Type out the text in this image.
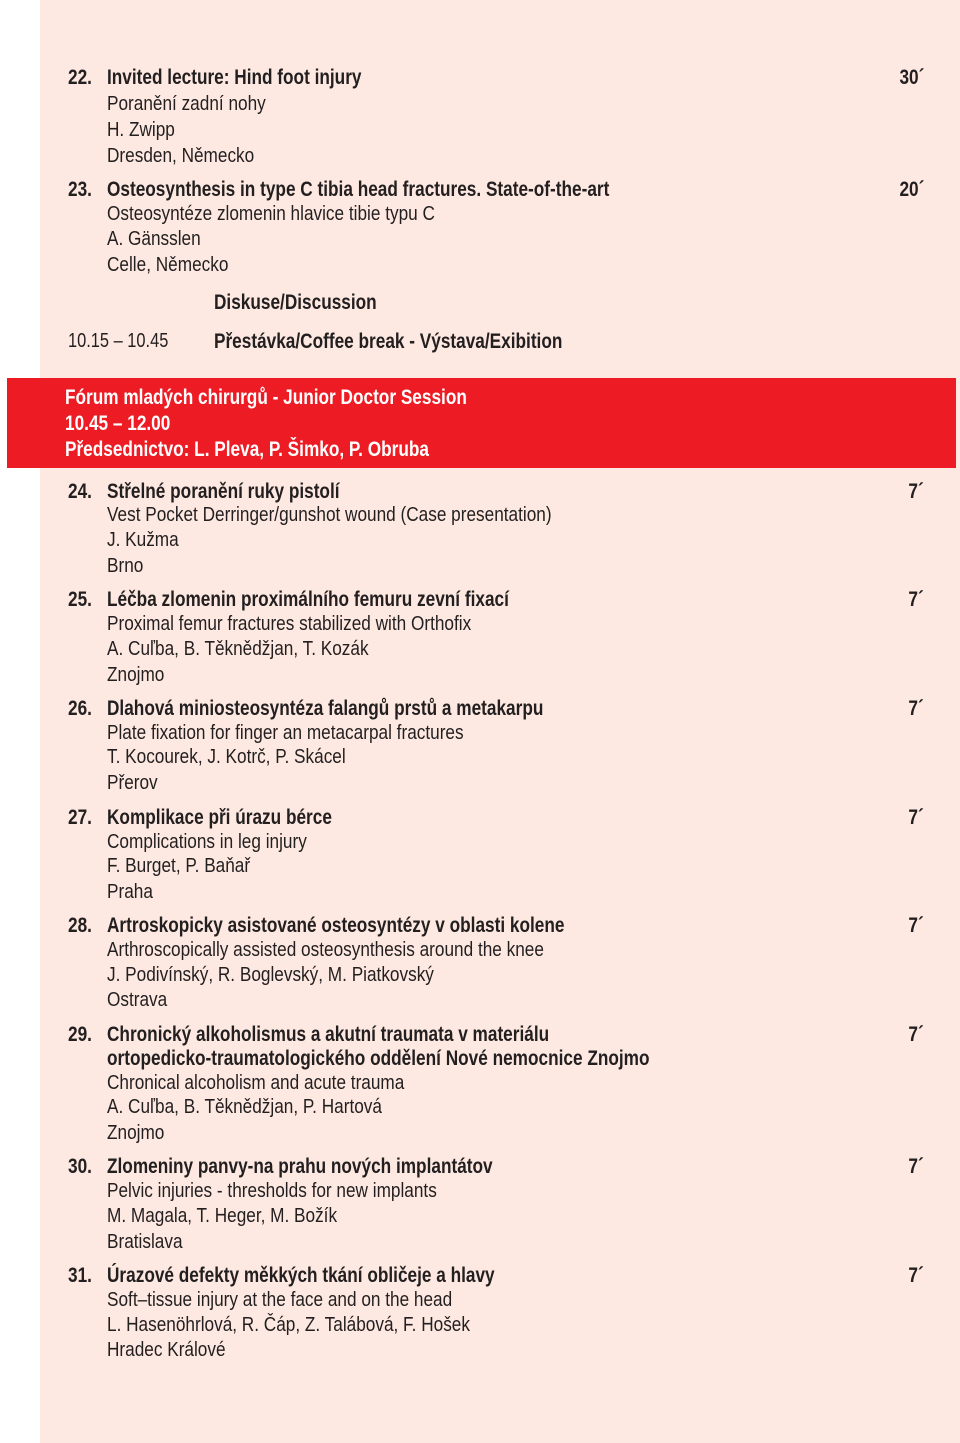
22. Invited lecture: Hind foot injury	30´
Poranění zadní nohy
H. Zwipp
Dresden, Německo
23. Osteosynthesis in type C tibia head fractures. State-of-the-art	20´
Osteosyntéze zlomenin hlavice tibie typu C
A. Gänsslen
Celle, Německo
Diskuse/Discussion
10.15 – 10.45 Přestávka/Coffee break - Výstava/Exibition
Fórum mladých chirurgů - Junior Doctor Session
10.45 – 12.00
Předsednictvo: L. Pleva, P. Šimko, P. Obruba
24. Střelné poranění ruky pistolí	7´
Vest Pocket Derringer/gunshot wound (Case presentation)
J. Kužma
Brno
25. Léčba zlomenin proximálního femuru zevní fixací	7´
Proximal femur fractures stabilized with Orthofix
A. Cuľba, B. Těknědžjan, T. Kozák
Znojmo
26. Dlahová miniosteosyntéza falangů prstů a metakarpu	7´
Plate fixation for finger an metacarpal fractures
T. Kocourek, J. Kotrč, P. Skácel
Přerov
27. Komplikace při úrazu bérce	7´
Complications in leg injury
F. Burget, P. Baňař
Praha
28. Artroskopicky asistované osteosyntézy v oblasti kolene	7´
Arthroscopically assisted osteosynthesis around the knee
J. Podivínský, R. Boglevský, M. Piatkovský
Ostrava
29. Chronický alkoholismus a akutní traumata v materiálu	7´
ortopedicko-traumatologického oddělení Nové nemocnice Znojmo
Chronical alcoholism and acute trauma
A. Cuľba, B. Těknědžjan, P. Hartová
Znojmo
30. Zlomeniny panvy-na prahu nových implantátov	7´
Pelvic injuries - thresholds for new implants
M. Magala, T. Heger, M. Božík
Bratislava
31. Úrazové defekty měkkých tkání obličeje a hlavy	7´
Soft–tissue injury at the face and on the head
L. Hasenöhrlová, R. Čáp, Z. Talábová, F. Hošek
Hradec Králové
